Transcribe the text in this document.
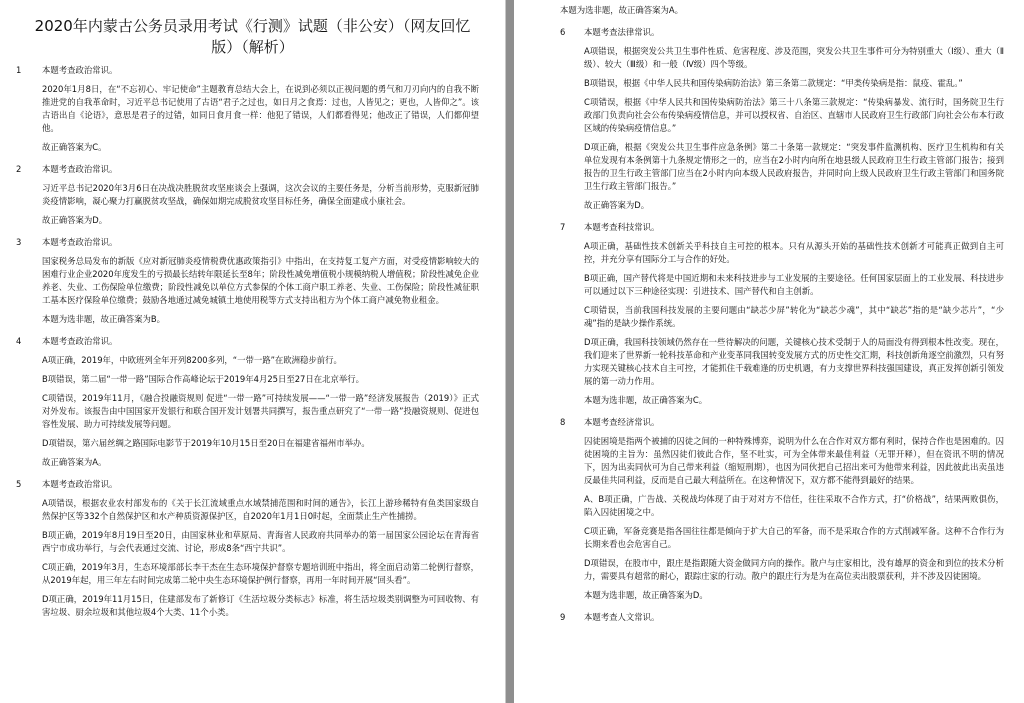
2020年内蒙古公务员录用考试《行测》试题（非公安）（网友回忆版）（解析）
1 本题考查政治常识。

2020年1月8日，在“不忘初心、牢记使命”主题教育总结大会上，在说到必须以正视问题的勇气和刀刃向内的自我不断推进党的自我革命时，习近平总书记使用了古语“君子之过也，如日月之食焉：过也，人皆见之；更也，人皆仰之”。该古语出自《论语》，意思是君子的过错，如同日食月食一样：他犯了错误，人们都看得见；他改正了错误，人们都仰望他。

故正确答案为C。

2 本题考查政治常识。

习近平总书记2020年3月6日在决战决胜脱贫攻坚座谈会上强调，这次会议的主要任务是，分析当前形势，克服新冠肺炎疫情影响，凝心聚力打赢脱贫攻坚战，确保如期完成脱贫攻坚目标任务，确保全面建成小康社会。

故正确答案为D。

3 本题考查政治常识。

国家税务总局发布的新版《应对新冠肺炎疫情税费优惠政策指引》中指出，在支持复工复产方面，对受疫情影响较大的困难行业企业2020年度发生的亏损最长结转年限延长至8年；阶段性减免增值税小规模纳税人增值税；阶段性减免企业养老、失业、工伤保险单位缴费；阶段性减免以单位方式参保的个体工商户职工养老、失业、工伤保险；阶段性减征职工基本医疗保险单位缴费；鼓励各地通过减免城镇土地使用税等方式支持出租方为个体工商户减免物业租金。

本题为选非题，故正确答案为B。

4 本题考查政治常识。

A项正确，2019年，中欧班列全年开列8200多列，“一带一路”在欧洲稳步前行。

B项错误，第二届“一带一路”国际合作高峰论坛于2019年4月25日至27日在北京举行。

C项错误，2019年11月，《融合投融资规则 促进“一带一路”可持续发展——“一带一路”经济发展报告（2019）》正式对外发布。该报告由中国国家开发银行和联合国开发计划署共同撰写，报告重点研究了“一带一路”投融资规则、促进包容性发展、助力可持续发展等问题。

D项错误，第六届丝绸之路国际电影节于2019年10月15日至20日在福建省福州市举办。

故正确答案为A。

5 本题考查政治常识。

A项错误，根据农业农村部发布的《关于长江流域重点水域禁捕范围和时间的通告》，长江上游珍稀特有鱼类国家级自然保护区等332个自然保护区和水产种质资源保护区，自2020年1月1日0时起，全面禁止生产性捕捞。

B项正确，2019年8月19日至20日，由国家林业和草原局、青海省人民政府共同举办的第一届国家公园论坛在青海省西宁市成功举行，与会代表通过交流、讨论，形成8条“西宁共识”。

C项正确，2019年3月，生态环境部部长李干杰在生态环境保护督察专题培训班中指出，将全面启动第二轮例行督察，从2019年起，用三年左右时间完成第二轮中央生态环境保护例行督察，再用一年时间开展“回头看”。

D项正确，2019年11月15日，住建部发布了新修订《生活垃圾分类标志》标准，将生活垃圾类别调整为可回收物、有害垃圾、厨余垃圾和其他垃圾4个大类、11个小类。

本题为选非题，故正确答案为A。

6 本题考查法律常识。

A项错误，根据突发公共卫生事件性质、危害程度、涉及范围，突发公共卫生事件可分为特别重大（Ⅰ级）、重大（Ⅱ级）、较大（Ⅲ级）和一般（Ⅳ级）四个等级。

B项错误，根据《中华人民共和国传染病防治法》第三条第二款规定：“甲类传染病是指：鼠疫、霍乱。”

C项错误，根据《中华人民共和国传染病防治法》第三十八条第三款规定：“传染病暴发、流行时，国务院卫生行政部门负责向社会公布传染病疫情信息，并可以授权省、自治区、直辖市人民政府卫生行政部门向社会公布本行政区域的传染病疫情信息。”

D项正确，根据《突发公共卫生事件应急条例》第二十条第一款规定：“突发事件监测机构、医疗卫生机构和有关单位发现有本条例第十九条规定情形之一的，应当在2小时内向所在地县级人民政府卫生行政主管部门报告；接到报告的卫生行政主管部门应当在2小时内向本级人民政府报告，并同时向上级人民政府卫生行政主管部门和国务院卫生行政主管部门报告。”

故正确答案为D。

7 本题考查科技常识。

A项正确，基础性技术创新关乎科技自主可控的根本。只有从源头开始的基础性技术创新才可能真正做到自主可控，并充分享有国际分工与合作的好处。

B项正确，国产替代将是中国近期和未来科技进步与工业发展的主要途径。任何国家层面上的工业发展、科技进步可以通过以下三种途径实现：引进技术、国产替代和自主创新。

C项错误，当前我国科技发展的主要问题由“缺芯少屏”转化为“缺芯少魂”，其中“缺芯”指的是“缺少芯片”，“少魂”指的是缺少操作系统。

D项正确，我国科技领域仍然存在一些待解决的问题，关键核心技术受制于人的局面没有得到根本性改变。现在，我们迎来了世界新一轮科技革命和产业变革同我国转变发展方式的历史性交汇期，科技创新角逐空前激烈，只有努力实现关键核心技术自主可控，才能抓住千载难逢的历史机遇，有力支撑世界科技强国建设，真正发挥创新引领发展的第一动力作用。

本题为选非题，故正确答案为C。

8 本题考查经济常识。

囚徒困境是指两个被捕的囚徒之间的一种特殊博弈，说明为什么在合作对双方都有利时，保持合作也是困难的。囚徒困境的主旨为：虽然囚徒们彼此合作，坚不吐实，可为全体带来最佳利益（无罪开释），但在资讯不明的情况下，因为出卖同伙可为自己带来利益（缩短刑期），也因为同伙把自己招出来可为他带来利益，因此彼此出卖虽违反最佳共同利益，反而是自己最大利益所在。在这种情况下，双方都不能得到最好的结果。

A、B项正确，广告战、关税战均体现了由于对对方不信任，往往采取不合作方式，打“价格战”，结果两败俱伤，陷入囚徒困境之中。

C项正确，军备竞赛是指各国往往都是倾向于扩大自己的军备，而不是采取合作的方式削减军备。这种不合作行为长期来看也会危害自己。

D项错误，在股市中，跟庄是指跟随大资金做同方向的操作。散户与庄家相比，没有雄厚的资金和到位的技术分析力，需要具有超常的耐心，跟踪庄家的行动。散户的跟庄行为是为在高位卖出股票获利，并不涉及囚徒困境。

本题为选非题，故正确答案为D。

9 本题考查人文常识。
